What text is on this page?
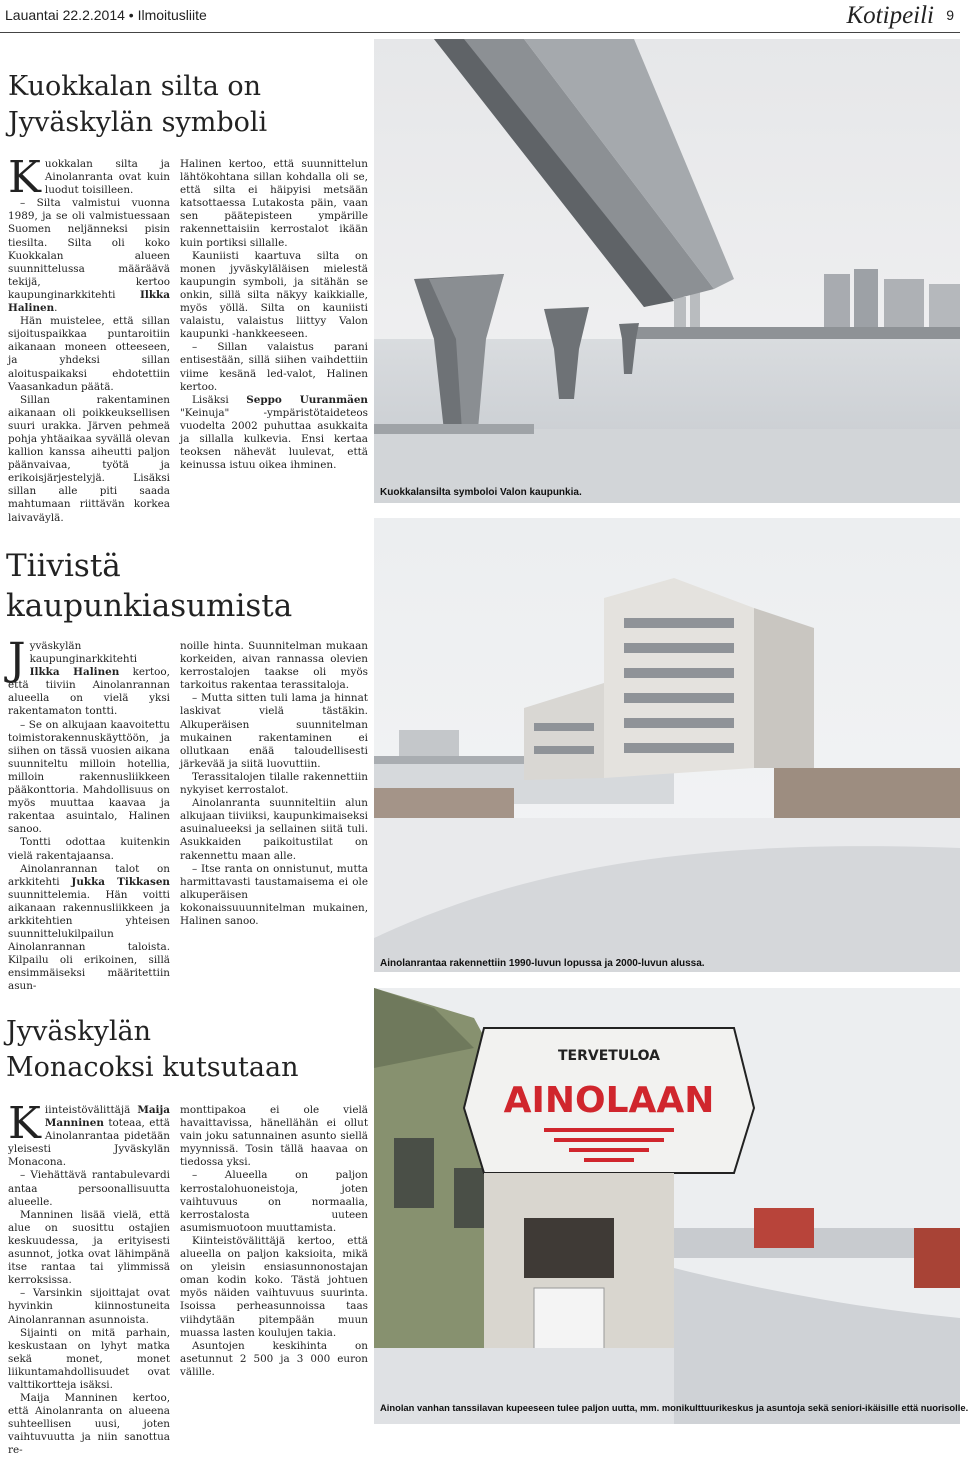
Lauantai 22.2.2014 • Ilmoitusliite	Kotipeili 9
Kuokkalan silta on
Jyväskylän symboli

Kuokkalan silta ja Ainolanranta ovat kuin luodut toisilleen.

– Silta valmistui vuonna 1989, ja se oli valmistuessaan Suomen neljänneksi pisin tiesilta. Silta oli koko Kuokkalan alueen suunnittelussa määräävä tekijä, kertoo kaupunginarkkitehti Ilkka Halinen.

Hän muistelee, että sillan sijoituspaikkaa puntaroitiin aikanaan moneen otteeseen, ja yhdeksi sillan aloituspaikaksi ehdotettiin Vaasankadun päätä.

Sillan rakentaminen aikanaan oli poikkeuksellisen suuri urakka. Järven pehmeä pohja yhtäaikaa syvällä olevan kallion kanssa aiheutti paljon päänvaivaa, työtä ja erikoisjärjestelyjä. Lisäksi sillan alle piti saada mahtumaan riittävän korkea laivaväylä.

Halinen kertoo, että suunnittelun lähtökohtana sillan kohdalla oli se, että silta ei häipyisi metsään katsottaessa Lutakosta päin, vaan sen päätepisteen ympärille rakennettaisiin kerrostalot ikään kuin portiksi sillalle.

Kauniisti kaartuva silta on monen jyväskyläläisen mielestä kaupungin symboli, ja sitähän se onkin, sillä silta näkyy kaikkialle, myös yöllä. Silta on kauniisti valaistu, valaistus liittyy Valon kaupunki -hankkeeseen.

– Sillan valaistus parani entisestään, sillä siihen vaihdettiin viime kesänä led-valot, Halinen kertoo.

Lisäksi Seppo Uuranmäen "Keinuja" -ympäristötaideteos vuodelta 2002 puhuttaa asukkaita ja sillalla kulkevia. Ensi kertaa teoksen nähevät luulevat, että keinussa istuu oikea ihminen.

Kuokkalansilta symboloi Valon kaupunkia.
Tiivistä
kaupunkiasumista

Jyväskylän kaupunginarkkitehti Ilkka Halinen kertoo, että tiiviin Ainolanrannan alueella on vielä yksi rakentamaton tontti.

– Se on alkujaan kaavoitettu toimistorakennuskäyttöön, ja siihen on tässä vuosien aikana suunniteltu milloin hotellia, milloin rakennusliikkeen pääkonttoria. Mahdollisuus on myös muuttaa kaavaa ja rakentaa asuintalo, Halinen sanoo.

Tontti odottaa kuitenkin vielä rakentajaansa.

Ainolanrannan talot on arkkitehti Jukka Tikkasen suunnittelemia. Hän voitti aikanaan rakennusliikkeen ja arkkitehtien yhteisen suunnittelukilpailun Ainolanrannan taloista. Kilpailu oli erikoinen, sillä ensimmäiseksi määritettiin asun-

noille hinta. Suunnitelman mukaan korkeiden, aivan rannassa olevien kerrostalojen taakse oli myös tarkoitus rakentaa terassitaloja.

– Mutta sitten tuli lama ja hinnat laskivat vielä tästäkin. Alkuperäisen suunnitelman mukainen rakentaminen ei ollutkaan enää taloudellisesti järkevää ja siitä luovuttiin.

Terassitalojen tilalle rakennettiin nykyiset kerrostalot.

Ainolanranta suunniteltiin alun alkujaan tiiviiksi, kaupunkimaiseksi asuinalueeksi ja sellainen siitä tuli. Asukkaiden paikoitustilat on rakennettu maan alle.

– Itse ranta on onnistunut, mutta harmittavasti taustamaisema ei ole alkuperäisen kokonaissuuunnitelman mukainen, Halinen sanoo.

Ainolanrantaa rakennettiin 1990-luvun lopussa ja 2000-luvun alussa.
Jyväskylän
Monacoksi kutsutaan

Kiinteistövälittäjä Maija Manninen toteaa, että Ainolanrantaa pidetään yleisesti Jyväskylän Monacona.

– Viehättävä rantabulevardi antaa persoonallisuutta alueelle.

Manninen lisää vielä, että alue on suosittu ostajien keskuudessa, ja erityisesti asunnot, jotka ovat lähimpänä itse rantaa tai ylimmissä kerroksissa.

– Varsinkin sijoittajat ovat hyvinkin kiinnostuneita Ainolanrannan asunnoista.

Sijainti on mitä parhain, keskustaan on lyhyt matka sekä monet, monet liikuntamahdollisuudet ovat valttikortteja isäksi.

Maija Manninen kertoo, että Ainolanranta on alueena suhteellisen uusi, joten vaihtuvuutta ja niin sanottua re-

monttipakoa ei ole vielä havaittavissa, hänellähän ei ollut vain joku satunnainen asunto siellä myynnissä. Tosin tällä haavaa on tiedossa yksi.

– Alueella on paljon kerrostalohuoneistoja, joten vaihtuvuus on normaalia, kerrostalosta uuteen asumismuotoon muuttamista.

Kiinteistövälittäjä kertoo, että alueella on paljon kaksioita, mikä on yleisin ensiasunnonostajan oman kodin koko. Tästä johtuen myös näiden vaihtuvuus suurinta. Isoissa perheasunnoissa taas viihdytään pitempään muun muassa lasten koulujen takia.

Asuntojen keskihinta on asetunnut 2 500 ja 3 000 euron välille.

TERVETULOA
AINOLAAN
Ainolan vanhan tanssilavan kupeeseen tulee paljon uutta, mm. monikulttuurikeskus ja asuntoja sekä seniori-ikäisille että nuorisolle.
